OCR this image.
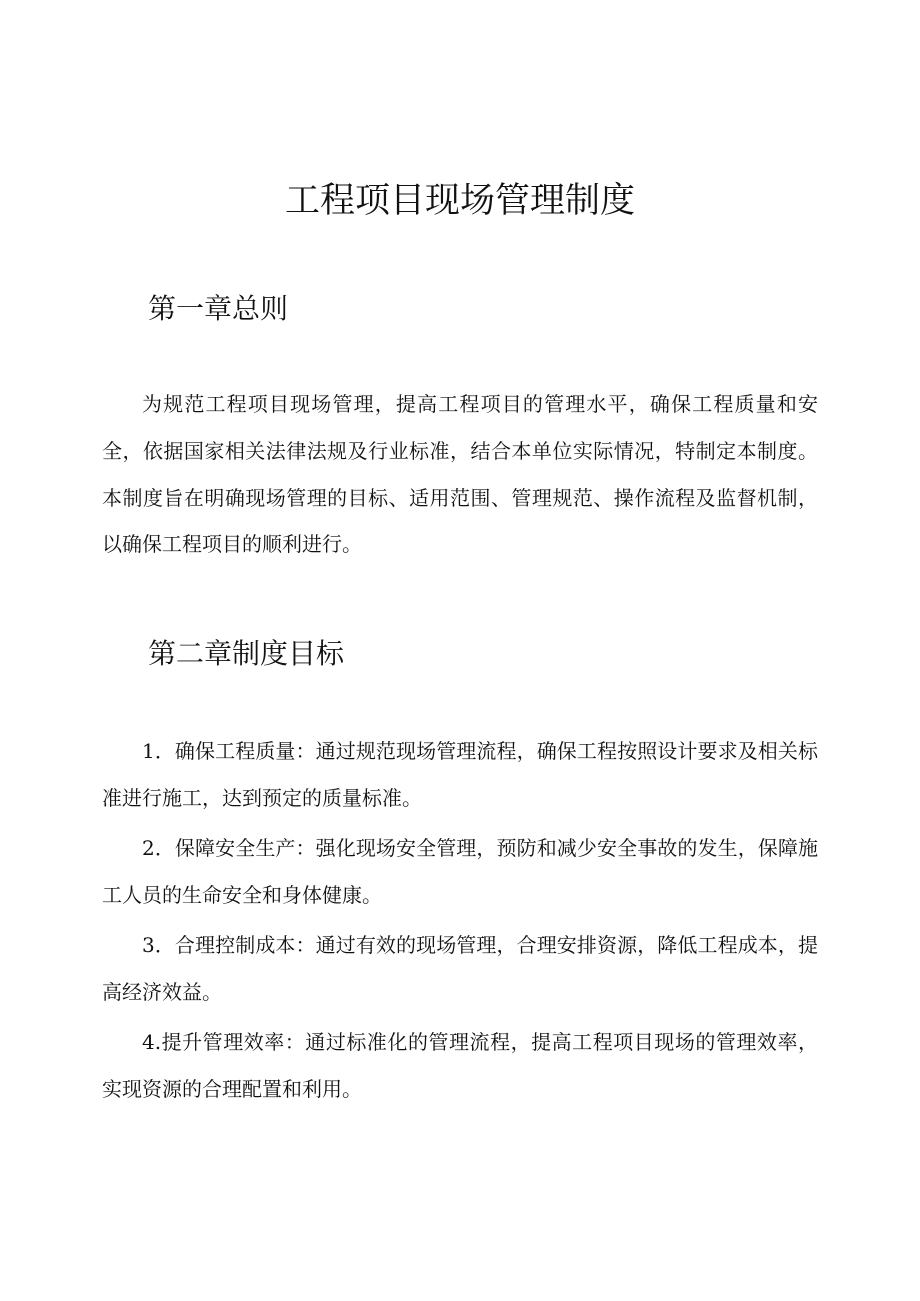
工程项目现场管理制度
第一章总则

为规范工程项目现场管理，提高工程项目的管理水平，确保工程质量和安全，依据国家相关法律法规及行业标准，结合本单位实际情况，特制定本制度。本制度旨在明确现场管理的目标、适用范围、管理规范、操作流程及监督机制，以确保工程项目的顺利进行。

第二章制度目标

1．确保工程质量：通过规范现场管理流程，确保工程按照设计要求及相关标准进行施工，达到预定的质量标准。

2．保障安全生产：强化现场安全管理，预防和减少安全事故的发生，保障施工人员的生命安全和身体健康。

3．合理控制成本：通过有效的现场管理，合理安排资源，降低工程成本，提高经济效益。

4.提升管理效率：通过标准化的管理流程，提高工程项目现场的管理效率，实现资源的合理配置和利用。
